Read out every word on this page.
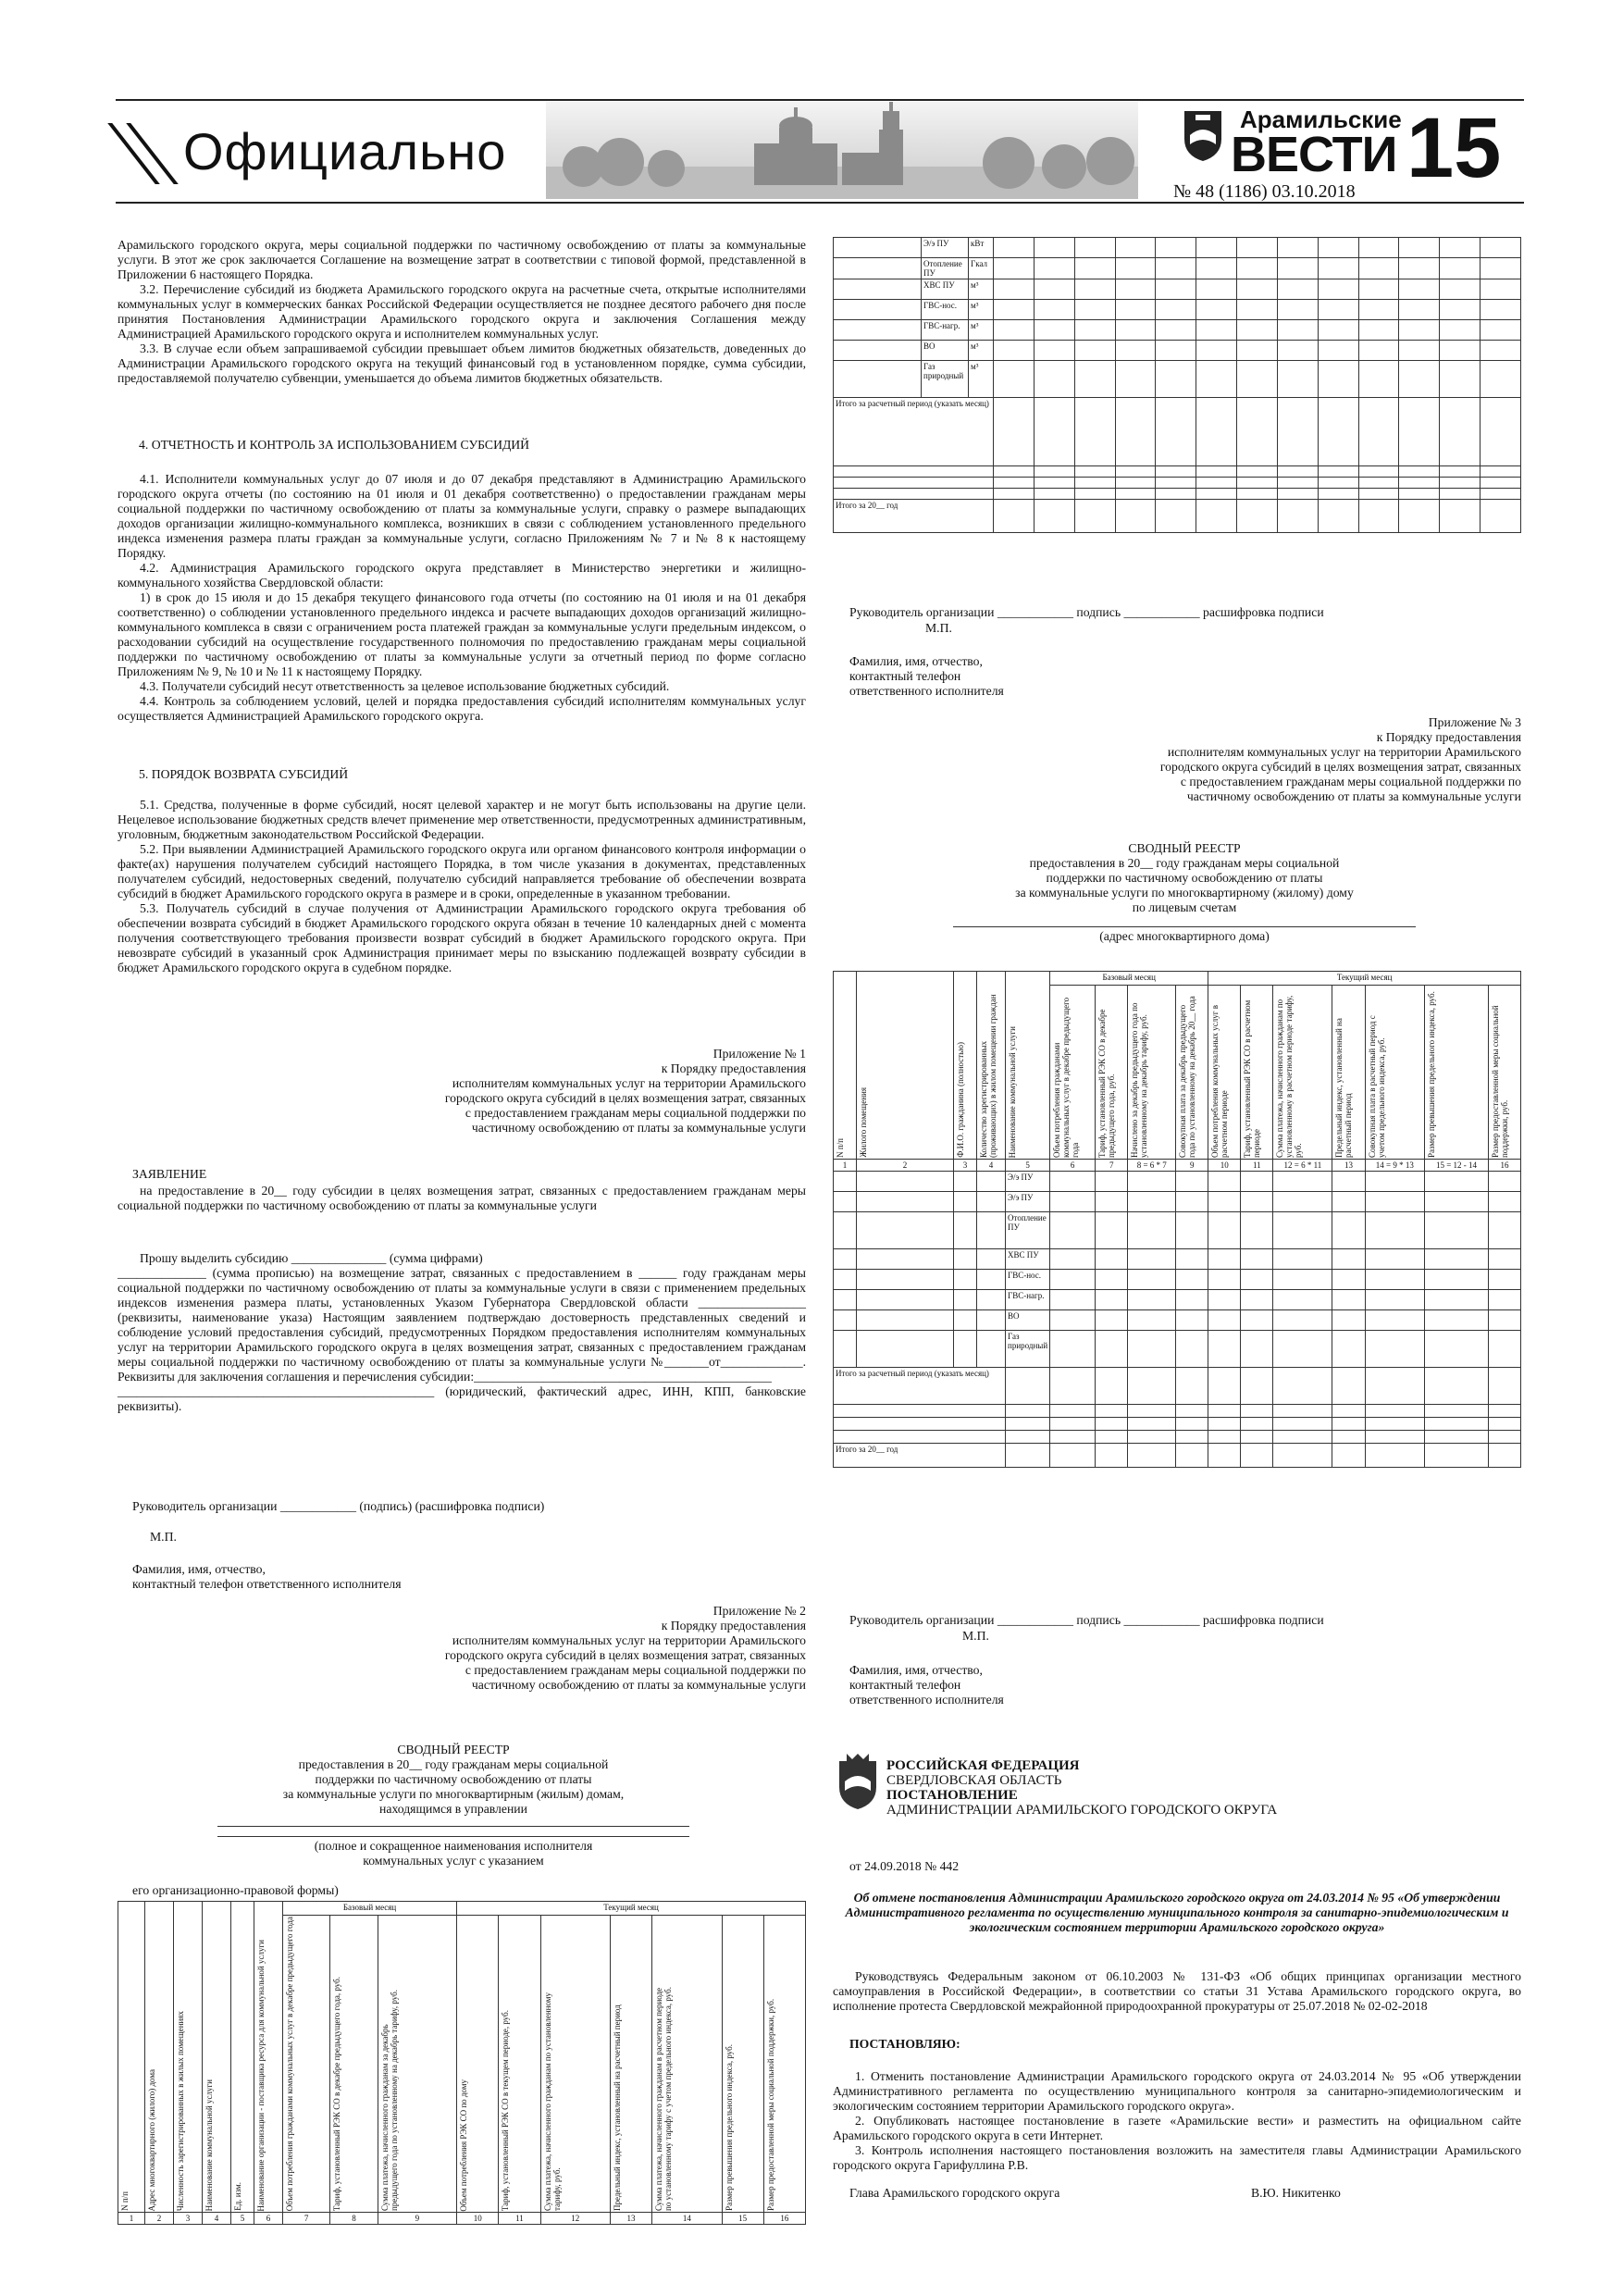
Официально
Арамильские
ВЕСТИ 15
№ 48 (1186) 03.10.2018

Арамильского городского округа, меры социальной поддержки по частичному освобождению от платы за коммунальные услуги. В этот же срок заключается Соглашение на возмещение затрат в соответствии с типовой формой, представленной в Приложении 6 настоящего Порядка.

3.2. Перечисление субсидий из бюджета Арамильского городского округа на расчетные счета, открытые исполнителями коммунальных услуг в коммерческих банках Российской Федерации осуществляется не позднее десятого рабочего дня после принятия Постановления Администрации Арамильского городского округа и заключения Соглашения между Администрацией Арамильского городского округа и исполнителем коммунальных услуг.

3.3. В случае если объем запрашиваемой субсидии превышает объем лимитов бюджетных обязательств, доведенных до Администрации Арамильского городского округа на текущий финансовый год в установленном порядке, сумма субсидии, предоставляемой получателю субвенции, уменьшается до объема лимитов бюджетных обязательств.

4. ОТЧЕТНОСТЬ И КОНТРОЛЬ ЗА ИСПОЛЬЗОВАНИЕМ СУБСИДИЙ

4.1. Исполнители коммунальных услуг до 07 июля и до 07 декабря представляют в Администрацию Арамильского городского округа отчеты (по состоянию на 01 июля и 01 декабря соответственно) о предоставлении гражданам меры социальной поддержки по частичному освобождению от платы за коммунальные услуги, справку о размере выпадающих доходов организации жилищно-коммунального комплекса, возникших в связи с соблюдением установленного предельного индекса изменения размера платы граждан за коммунальные услуги, согласно Приложениям № 7 и № 8 к настоящему Порядку.

4.2. Администрация Арамильского городского округа представляет в Министерство энергетики и жилищно-коммунального хозяйства Свердловской области:

1) в срок до 15 июля и до 15 декабря текущего финансового года отчеты (по состоянию на 01 июля и на 01 декабря соответственно) о соблюдении установленного предельного индекса и расчете выпадающих доходов организаций жилищно-коммунального комплекса в связи с ограничением роста платежей граждан за коммунальные услуги предельным индексом, о расходовании субсидий на осуществление государственного полномочия по предоставлению гражданам меры социальной поддержки по частичному освобождению от платы за коммунальные услуги за отчетный период по форме согласно Приложениям № 9, № 10 и № 11 к настоящему Порядку.

4.3. Получатели субсидий несут ответственность за целевое использование бюджетных субсидий.

4.4. Контроль за соблюдением условий, целей и порядка предоставления субсидий исполнителям коммунальных услуг осуществляется Администрацией Арамильского городского округа.

5. ПОРЯДОК ВОЗВРАТА СУБСИДИЙ

5.1. Средства, полученные в форме субсидий, носят целевой характер и не могут быть использованы на другие цели. Нецелевое использование бюджетных средств влечет применение мер ответственности, предусмотренных административным, уголовным, бюджетным законодательством Российской Федерации.

5.2. При выявлении Администрацией Арамильского городского округа или органом финансового контроля информации о факте(ах) нарушения получателем субсидий настоящего Порядка, в том числе указания в документах, представленных получателем субсидий, недостоверных сведений, получателю субсидий направляется требование об обеспечении возврата субсидий в бюджет Арамильского городского округа в размере и в сроки, определенные в указанном требовании.

5.3. Получатель субсидий в случае получения от Администрации Арамильского городского округа требования об обеспечении возврата субсидий в бюджет Арамильского городского округа обязан в течение 10 календарных дней с момента получения соответствующего требования произвести возврат субсидий в бюджет Арамильского городского округа. При невозврате субсидий в указанный срок Администрация принимает меры по взысканию подлежащей возврату субсидии в бюджет Арамильского городского округа в судебном порядке.

Приложение № 1
к Порядку предоставления
исполнителям коммунальных услуг на территории Арамильского
городского округа субсидий в целях возмещения затрат, связанных
с предоставлением гражданам меры социальной поддержки по
частичному освобождению от платы за коммунальные услуги
ЗАЯВЛЕНИЕ

на предоставление в 20__ году субсидии в целях возмещения затрат, связанных с предоставлением гражданам меры социальной поддержки по частичному освобождению от платы за коммунальные услуги

Прошу выделить субсидию _______________ (сумма цифрами)

______________ (сумма прописью) на возмещение затрат, связанных с предоставлением в ______ году гражданам меры социальной поддержки по частичному освобождению от платы за коммунальные услуги в связи с применением предельных индексов изменения размера платы, установленных Указом Губернатора Свердловской области _________________ (реквизиты, наименование указа) Настоящим заявлением подтверждаю достоверность представленных сведений и соблюдение условий предоставления субсидий, предусмотренных Порядком предоставления исполнителям коммунальных услуг на территории Арамильского городского округа в целях возмещения затрат, связанных с предоставлением гражданам меры социальной поддержки по частичному освобождению от платы за коммунальные услуги №_______от_____________. Реквизиты для заключения соглашения и перечисления субсидии:_______________________________________________

__________________________________________________ (юридический, фактический адрес, ИНН, КПП, банковские реквизиты).

Руководитель организации ____________ (подпись) (расшифровка подписи)
М.П.
Фамилия, имя, отчество,
контактный телефон ответственного исполнителя
Приложение № 2
к Порядку предоставления
исполнителям коммунальных услуг на территории Арамильского
городского округа субсидий в целях возмещения затрат, связанных
с предоставлением гражданам меры социальной поддержки по
частичному освобождению от платы за коммунальные услуги
СВОДНЫЙ РЕЕСТР
предоставления в 20__ году гражданам меры социальной
поддержки по частичному освобождению от платы
за коммунальные услуги по многоквартирным (жилым) домам,
находящимся в управлении
(полное и сокращенное наименования исполнителя
коммунальных услуг с указанием
его организационно-правовой формы)
N п/п	Адрес многоквартирного (жилого) дома	Численность зарегистрированных в жилых помещениях	Наименование коммунальной услуги	Ед. изм.	Наименование организации - поставщика ресурса для коммунальной услуги	Базовый месяц			Текущий месяц						

						Объем потребления гражданами коммунальных услуг в декабре предыдущего года	Тариф, установленный РЭК СО в декабре предыдущего года, руб.	Сумма платежа, начисленного гражданам за декабрь предыдущего года по установленному на декабрь тарифу, руб.	Объем потребления РЭК СО по дому	Тариф, установленный РЭК СО в текущем периоде, руб.	Сумма платежа, начисленного гражданам по установленному тарифу, руб.	Предельный индекс, установленный на расчетный период	Сумма платежа, начисленного гражданам в расчетном периоде по установленному тарифу с учетом предельного индекса, руб.	Размер превышения предельного индекса, руб.	Размер предоставленной меры социальной поддержки, руб.

1	2	3	4	5	6	7	8	9	10	11	12	13	14	15	16
	Э/э ПУ	кВт													
	Отопление ПУ	Гкал													
	ХВС ПУ	м³													
	ГВС-нос.	м³													
	ГВС-нагр.	м³													
	ВО	м³													
	Газ природный	м³													
Итого за расчетный период (указать месяц)															

Итого за 20__ год															
Руководитель организации ____________ подпись ____________ расшифровка подписи
М.П.
Фамилия, имя, отчество,
контактный телефон
ответственного исполнителя
Приложение № 3
к Порядку предоставления
исполнителям коммунальных услуг на территории Арамильского
городского округа субсидий в целях возмещения затрат, связанных
с предоставлением гражданам меры социальной поддержки по
частичному освобождению от платы за коммунальные услуги
СВОДНЫЙ РЕЕСТР
предоставления в 20__ году гражданам меры социальной
поддержки по частичному освобождению от платы
за коммунальные услуги по многоквартирному (жилому) дому
по лицевым счетам
(адрес многоквартирного дома)
N п/п	Жилого помещения	Ф.И.О. гражданина (полностью)	Количество зарегистрированных (проживающих) в жилом помещении граждан	Наименование коммунальной услуги	Базовый месяц				Текущий месяц						

					Объем потребления гражданами коммунальных услуг в декабре предыдущего года	Тариф, установленный РЭК СО в декабре предыдущего года, руб.	Начислено за декабрь предыдущего года по установленному на декабрь тарифу, руб.	Совокупная плата за декабрь предыдущего года по установленному на декабрь 20__ года	Объем потребления коммунальных услуг в расчетном периоде	Тариф, установленный РЭК СО в расчетном периоде	Сумма платежа, начисленного гражданам по установленному в расчетном периоде тарифу, руб.	Предельный индекс, установленный на расчетный период	Совокупная плата в расчетный период с учетом предельного индекса, руб.	Размер превышения предельного индекса, руб.	Размер предоставленной меры социальной поддержки, руб.

1	2	3	4	5	6	7	8 = 6 * 7	9	10	11	12 = 6 * 11	13	14 = 9 * 13	15 = 12 - 14	16
				Э/э ПУ											
				Э/э ПУ											
				Отопление ПУ											
				ХВС ПУ											
				ГВС-нос.											
				ГВС-нагр.											
				ВО											
				Газ природный											
Итого за расчетный период (указать месяц)															

Итого за 20__ год															
Руководитель организации ____________ подпись ____________ расшифровка подписи
М.П.
Фамилия, имя, отчество,
контактный телефон
ответственного исполнителя
РОССИЙСКАЯ ФЕДЕРАЦИЯ
СВЕРДЛОВСКАЯ ОБЛАСТЬ
ПОСТАНОВЛЕНИЕ
АДМИНИСТРАЦИИ АРАМИЛЬСКОГО ГОРОДСКОГО ОКРУГА
от 24.09.2018 № 442
Об отмене постановления Администрации Арамильского городского округа от 24.03.2014 № 95 «Об утверждении Административного регламента по осуществлению муниципального контроля за санитарно-эпидемиологическим и экологическим состоянием территории Арамильского городского округа»

Руководствуясь Федеральным законом от 06.10.2003 № 131-ФЗ «Об общих принципах организации местного самоуправления в Российской Федерации», в соответствии со статьи 31 Устава Арамильского городского округа, во исполнение протеста Свердловской межрайонной природоохранной прокуратуры от 25.07.2018 № 02-02-2018

ПОСТАНОВЛЯЮ:

1. Отменить постановление Администрации Арамильского городского округа от 24.03.2014 № 95 «Об утверждении Административного регламента по осуществлению муниципального контроля за санитарно-эпидемиологическим и экологическим состоянием территории Арамильского городского округа».

2. Опубликовать настоящее постановление в газете «Арамильские вести» и разместить на официальном сайте Арамильского городского округа в сети Интернет.

3. Контроль исполнения настоящего постановления возложить на заместителя главы Администрации Арамильского городского округа Гарифуллина Р.В.

Глава Арамильского городского округа	В.Ю. Никитенко
